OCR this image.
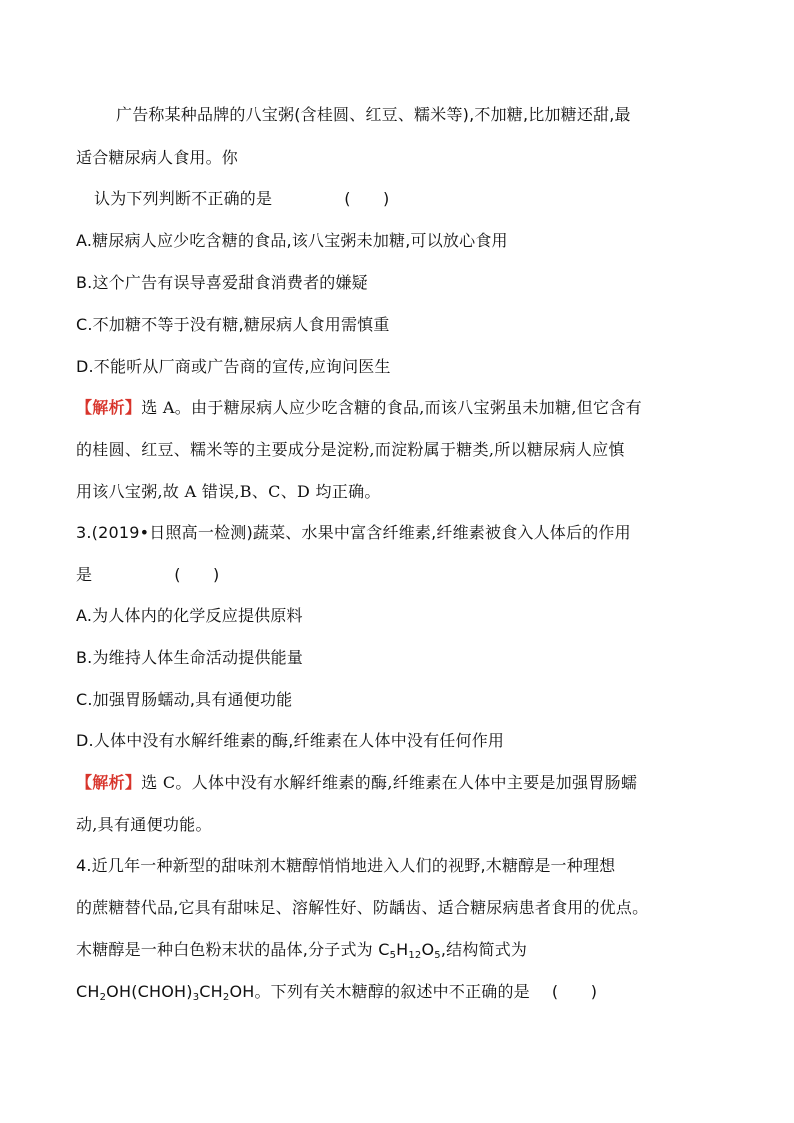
广告称某种品牌的八宝粥(含桂圆、红豆、糯米等),不加糖,比加糖还甜,最
适合糖尿病人食用。你
认为下列判断不正确的是	(　　)
A.糖尿病人应少吃含糖的食品,该八宝粥未加糖,可以放心食用
B.这个广告有误导喜爱甜食消费者的嫌疑
C.不加糖不等于没有糖,糖尿病人食用需慎重
D.不能听从厂商或广告商的宣传,应询问医生
【解析】选 A。由于糖尿病人应少吃含糖的食品,而该八宝粥虽未加糖,但它含有
的桂圆、红豆、糯米等的主要成分是淀粉,而淀粉属于糖类,所以糖尿病人应慎
用该八宝粥,故 A 错误,B、C、D 均正确。
3.(2019•日照高一检测)蔬菜、水果中富含纤维素,纤维素被食入人体后的作用
是	(　　)
A.为人体内的化学反应提供原料
B.为维持人体生命活动提供能量
C.加强胃肠蠕动,具有通便功能
D.人体中没有水解纤维素的酶,纤维素在人体中没有任何作用
【解析】选 C。人体中没有水解纤维素的酶,纤维素在人体中主要是加强胃肠蠕
动,具有通便功能。
4.近几年一种新型的甜味剂木糖醇悄悄地进入人们的视野,木糖醇是一种理想
的蔗糖替代品,它具有甜味足、溶解性好、防龋齿、适合糖尿病患者食用的优点。
木糖醇是一种白色粉末状的晶体,分子式为 $C_5H_{12}O_5$,结构简式为
$CH_2OH(CHOH)_3CH_2OH$。下列有关木糖醇的叙述中不正确的是 (　　)
